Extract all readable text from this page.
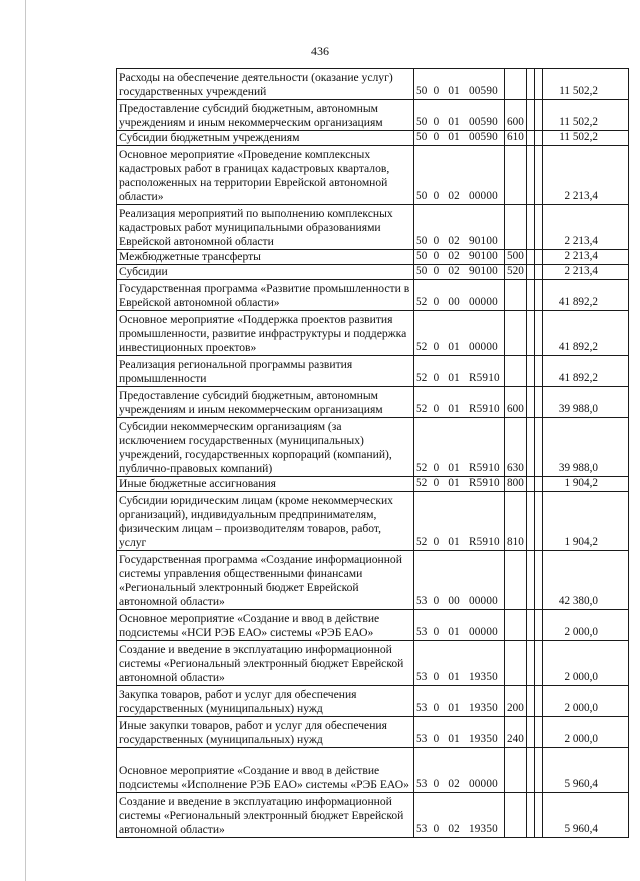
436
Расходы на обеспечение деятельности (оказание услуг) государственных учреждений	50  0   01   00590				11 502,2
Предоставление субсидий бюджетным, автономным учреждениям и иным некоммерческим организациям	50  0   01   00590	600			11 502,2
Субсидии бюджетным учреждениям	50  0   01   00590	610			11 502,2
Основное мероприятие «Проведение комплексных кадастровых работ в границах кадастровых кварталов, расположенных на территории Еврейской автономной области»	50  0   02   00000				2 213,4
Реализация мероприятий по выполнению комплексных кадастровых работ муниципальными образованиями Еврейской автономной области	50  0   02   90100				2 213,4
Межбюджетные трансферты	50  0   02   90100	500			2 213,4
Субсидии	50  0   02   90100	520			2 213,4
Государственная программа «Развитие промышленности в Еврейской автономной области»	52  0   00   00000				41 892,2
Основное мероприятие «Поддержка проектов развития промышленности, развитие инфраструктуры и поддержка инвестиционных проектов»	52  0   01   00000				41 892,2
Реализация региональной программы развития промышленности	52  0   01   R5910				41 892,2
Предоставление субсидий бюджетным, автономным учреждениям и иным некоммерческим организациям	52  0   01   R5910	600			39 988,0
Субсидии некоммерческим организациям (за исключением государственных (муниципальных) учреждений, государственных корпораций (компаний), публично-правовых компаний)	52  0   01   R5910	630			39 988,0
Иные бюджетные ассигнования	52  0   01   R5910	800			1 904,2
Субсидии юридическим лицам (кроме некоммерческих организаций), индивидуальным предпринимателям, физическим лицам – производителям товаров, работ, услуг	52  0   01   R5910	810			1 904,2
Государственная программа «Создание информационной системы управления общественными финансами «Региональный электронный бюджет Еврейской автономной области»	53  0   00   00000				42 380,0
Основное мероприятие «Создание и ввод в действие подсистемы «НСИ РЭБ ЕАО» системы «РЭБ ЕАО»	53  0   01   00000				2 000,0
Создание и введение в эксплуатацию информационной системы «Региональный электронный бюджет Еврейской автономной области»	53  0   01   19350				2 000,0
Закупка товаров, работ и услуг для обеспечения государственных (муниципальных) нужд	53  0   01   19350	200			2 000,0
Иные закупки товаров, работ и услуг для обеспечения государственных (муниципальных) нужд	53  0   01   19350	240			2 000,0
Основное мероприятие «Создание и ввод в действие подсистемы «Исполнение РЭБ ЕАО» системы «РЭБ ЕАО»	53  0   02   00000				5 960,4
Создание и введение в эксплуатацию информационной системы «Региональный электронный бюджет Еврейской автономной области»	53  0   02   19350				5 960,4
